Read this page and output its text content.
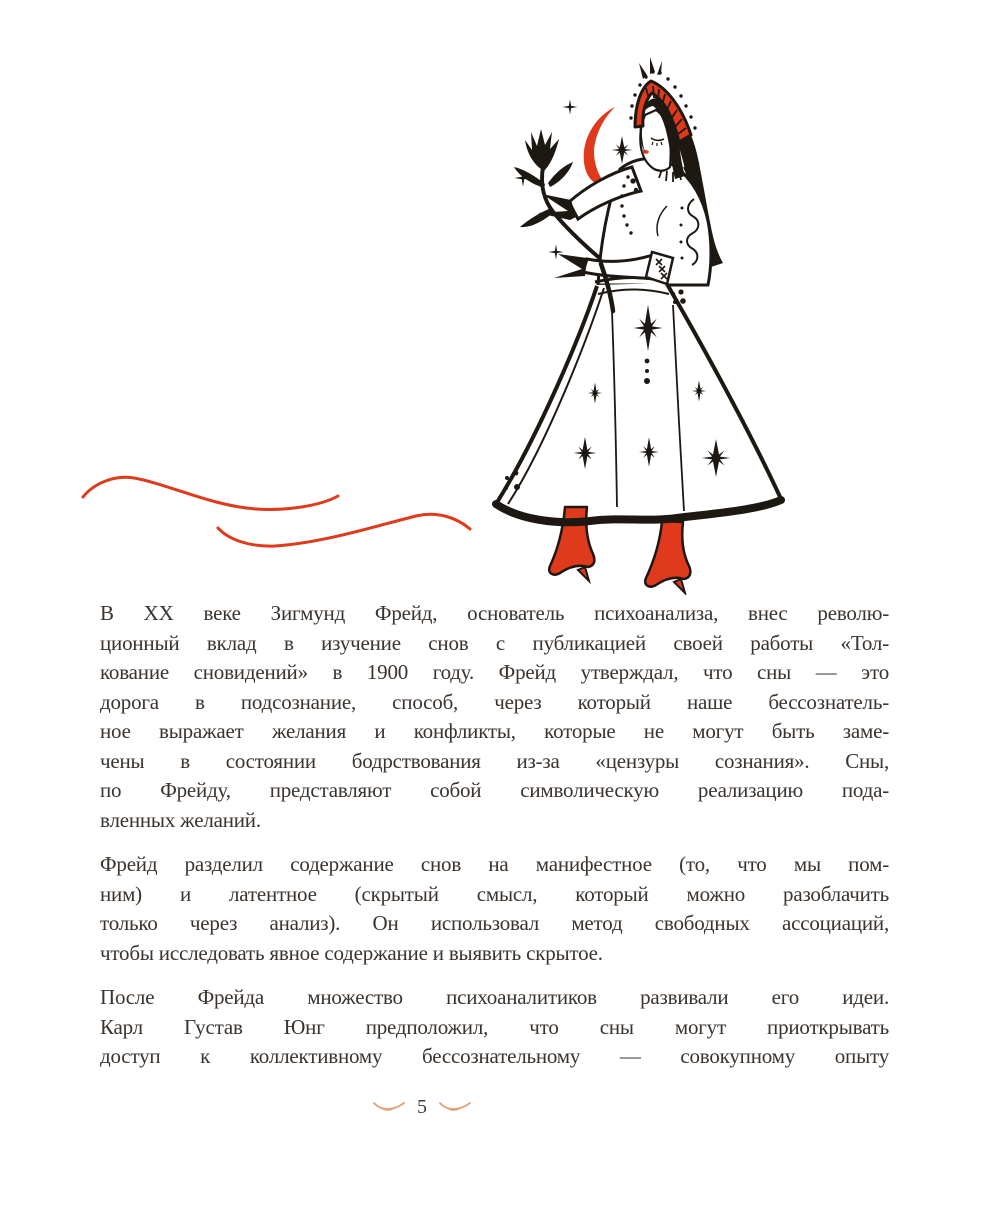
В XX веке Зигмунд Фрейд, основатель психоанализа, внес револю-
ционный вклад в изучение снов с публикацией своей работы «Тол-
кование сновидений» в 1900 году. Фрейд утверждал, что сны — это
дорога в подсознание, способ, через который наше бессознатель-
ное выражает желания и конфликты, которые не могут быть заме-
чены в состоянии бодрствования из-за «цензуры сознания». Сны,
по Фрейду, представляют собой символическую реализацию пода-
вленных желаний.
Фрейд разделил содержание снов на манифестное (то, что мы пом-
ним) и латентное (скрытый смысл, который можно разоблачить
только через анализ). Он использовал метод свободных ассоциаций,
чтобы исследовать явное содержание и выявить скрытое.
После Фрейда множество психоаналитиков развивали его идеи.
Карл Густав Юнг предположил, что сны могут приоткрывать
доступ к коллективному бессознательному — совокупному опыту
5
